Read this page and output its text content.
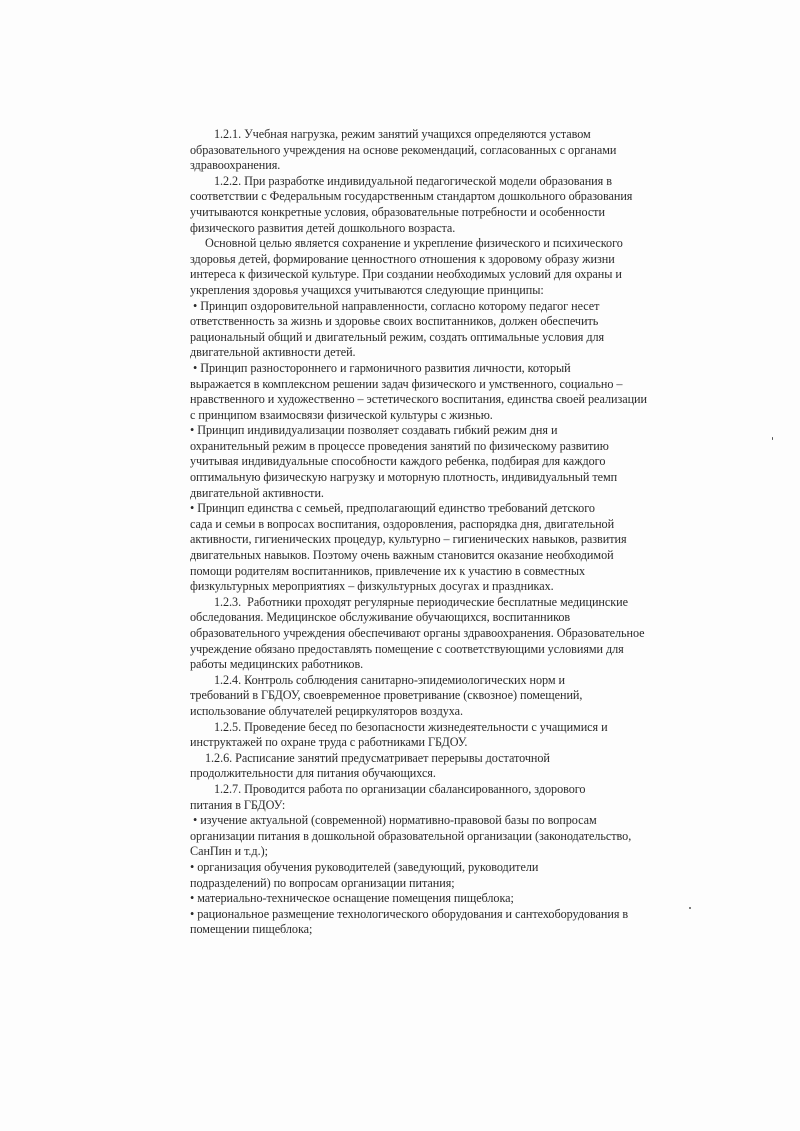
1.2.1. Учебная нагрузка, режим занятий учащихся определяются уставом
образовательного учреждения на основе рекомендаций, согласованных с органами
здравоохранения.
1.2.2. При разработке индивидуальной педагогической модели образования в
соответствии с Федеральным государственным стандартом дошкольного образования
учитываются конкретные условия, образовательные потребности и особенности
физического развития детей дошкольного возраста.
Основной целью является сохранение и укрепление физического и психического
здоровья детей, формирование ценностного отношения к здоровому образу жизни
интереса к физической культуре. При создании необходимых условий для охраны и
укрепления здоровья учащихся учитываются следующие принципы:
• Принцип оздоровительной направленности, согласно которому педагог несет
ответственность за жизнь и здоровье своих воспитанников, должен обеспечить
рациональный общий и двигательный режим, создать оптимальные условия для
двигательной активности детей.
• Принцип разностороннего и гармоничного развития личности, который
выражается в комплексном решении задач физического и умственного, социально –
нравственного и художественно – эстетического воспитания, единства своей реализации
с принципом взаимосвязи физической культуры с жизнью.
• Принцип индивидуализации позволяет создавать гибкий режим дня и
охранительный режим в процессе проведения занятий по физическому развитию
учитывая индивидуальные способности каждого ребенка, подбирая для каждого
оптимальную физическую нагрузку и моторную плотность, индивидуальный темп
двигательной активности.
• Принцип единства с семьей, предполагающий единство требований детского
сада и семьи в вопросах воспитания, оздоровления, распорядка дня, двигательной
активности, гигиенических процедур, культурно – гигиенических навыков, развития
двигательных навыков. Поэтому очень важным становится оказание необходимой
помощи родителям воспитанников, привлечение их к участию в совместных
физкультурных мероприятиях – физкультурных досугах и праздниках.
1.2.3.  Работники проходят регулярные периодические бесплатные медицинские
обследования. Медицинское обслуживание обучающихся, воспитанников
образовательного учреждения обеспечивают органы здравоохранения. Образовательное
учреждение обязано предоставлять помещение с соответствующими условиями для
работы медицинских работников.
1.2.4. Контроль соблюдения санитарно-эпидемиологических норм и
требований в ГБДОУ, своевременное проветривание (сквозное) помещений,
использование облучателей рециркуляторов воздуха.
1.2.5. Проведение бесед по безопасности жизнедеятельности с учащимися и
инструктажей по охране труда с работниками ГБДОУ.
1.2.6. Расписание занятий предусматривает перерывы достаточной
продолжительности для питания обучающихся.
1.2.7. Проводится работа по организации сбалансированного, здорового
питания в ГБДОУ:
• изучение актуальной (современной) нормативно-правовой базы по вопросам
организации питания в дошкольной образовательной организации (законодательство,
СанПин и т.д.);
• организация обучения руководителей (заведующий, руководители
подразделений) по вопросам организации питания;
• материально-техническое оснащение помещения пищеблока;
• рациональное размещение технологического оборудования и сантехоборудования в
помещении пищеблока;
